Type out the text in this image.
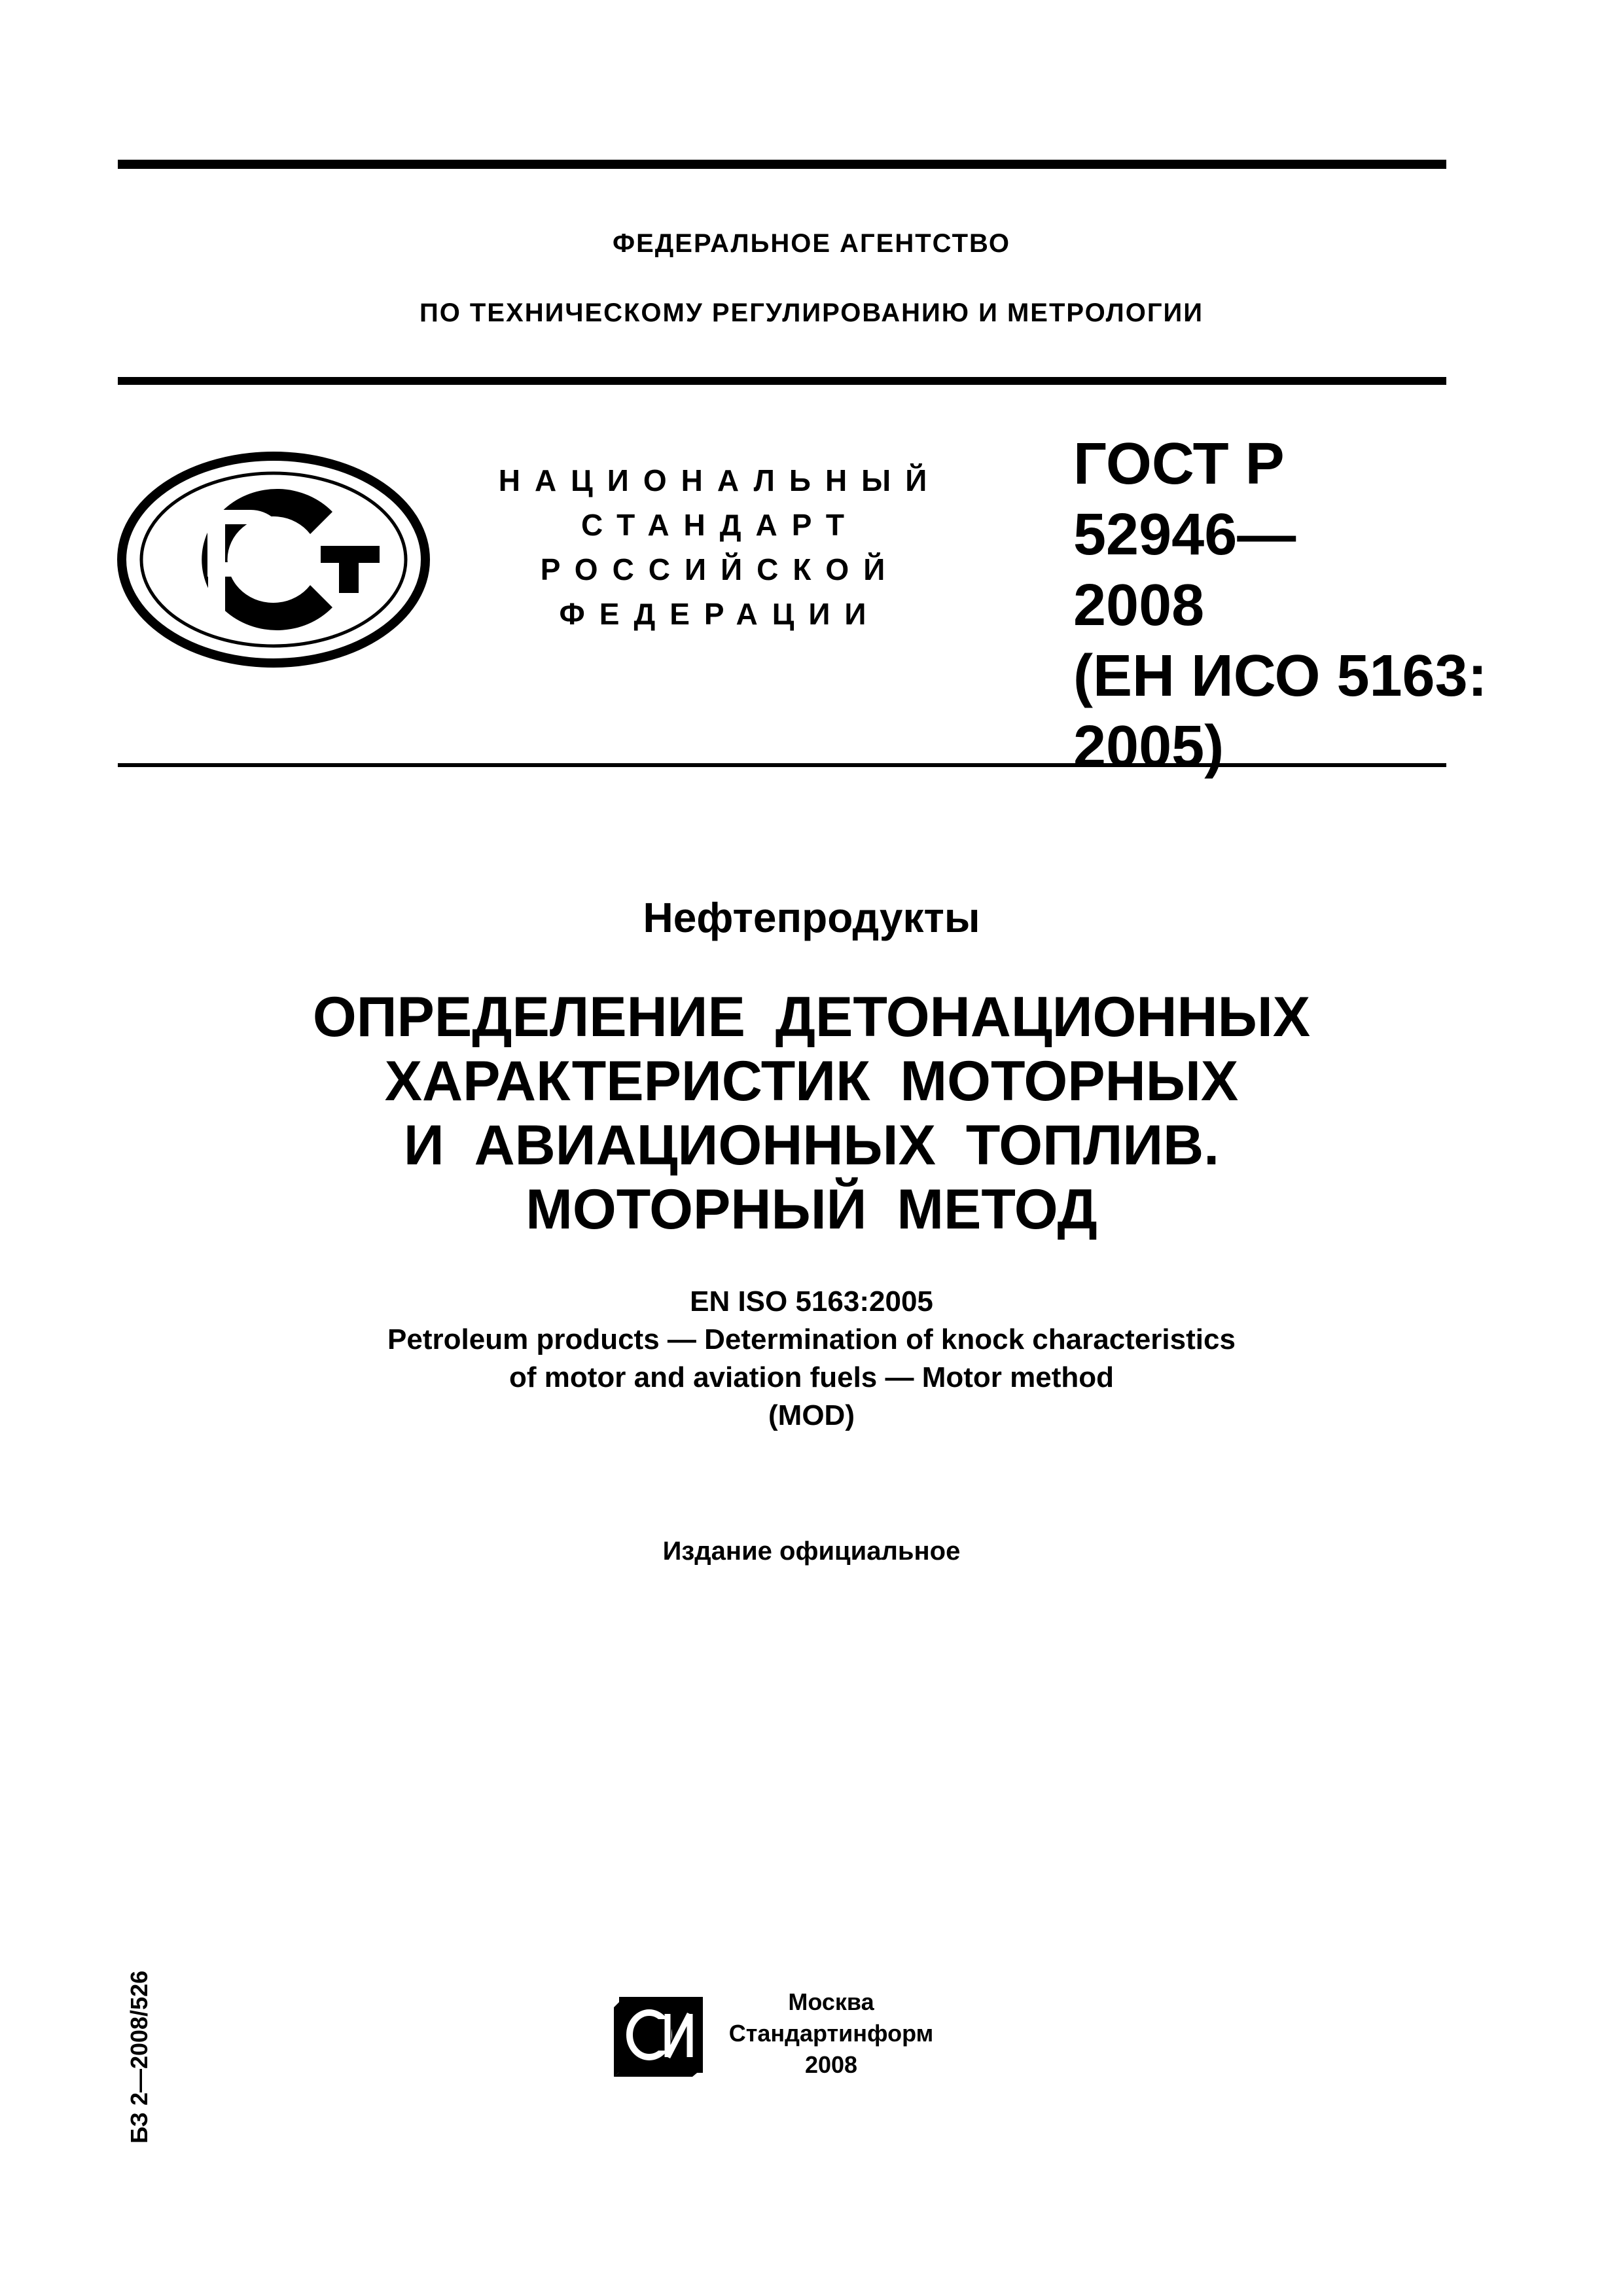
ФЕДЕРАЛЬНОЕ АГЕНТСТВО
ПО ТЕХНИЧЕСКОМУ РЕГУЛИРОВАНИЮ И МЕТРОЛОГИИ
НАЦИОНАЛЬНЫЙ
СТАНДАРТ
РОССИЙСКОЙ
ФЕДЕРАЦИИ
ГОСТ Р
52946—
2008
(ЕН ИСО 5163:
2005)
Нефтепродукты
ОПРЕДЕЛЕНИЕ ДЕТОНАЦИОННЫХ
ХАРАКТЕРИСТИК МОТОРНЫХ
И АВИАЦИОННЫХ ТОПЛИВ.
МОТОРНЫЙ МЕТОД
EN ISO 5163:2005
Petroleum products — Determination of knock characteristics
of motor and aviation fuels — Motor method
(MOD)
Издание официальное
БЗ 2—2008/526	Москва
Стандартинформ
2008
